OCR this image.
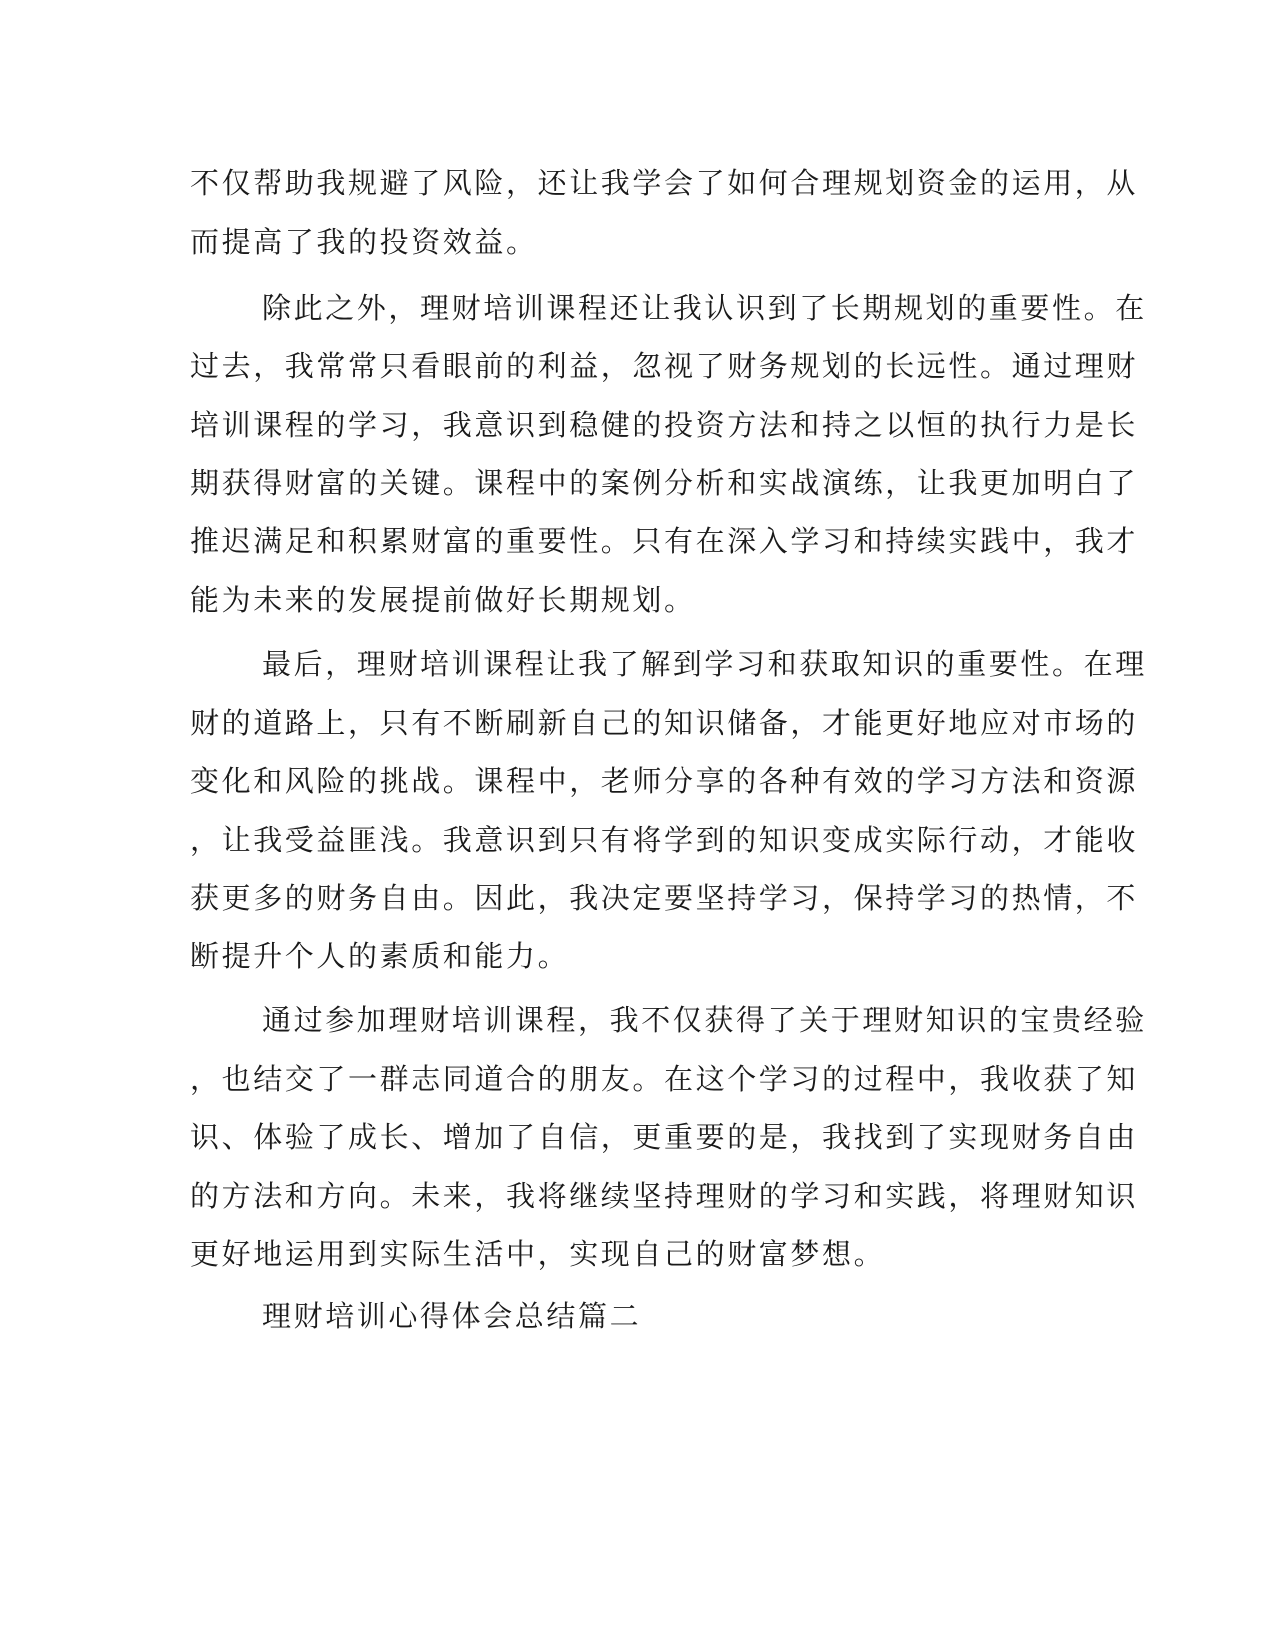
不仅帮助我规避了风险，还让我学会了如何合理规划资金的运用，从

而提高了我的投资效益。

除此之外，理财培训课程还让我认识到了长期规划的重要性。在

过去，我常常只看眼前的利益，忽视了财务规划的长远性。通过理财

培训课程的学习，我意识到稳健的投资方法和持之以恒的执行力是长

期获得财富的关键。课程中的案例分析和实战演练，让我更加明白了

推迟满足和积累财富的重要性。只有在深入学习和持续实践中，我才

能为未来的发展提前做好长期规划。

最后，理财培训课程让我了解到学习和获取知识的重要性。在理

财的道路上，只有不断刷新自己的知识储备，才能更好地应对市场的

变化和风险的挑战。课程中，老师分享的各种有效的学习方法和资源

，让我受益匪浅。我意识到只有将学到的知识变成实际行动，才能收

获更多的财务自由。因此，我决定要坚持学习，保持学习的热情，不

断提升个人的素质和能力。

通过参加理财培训课程，我不仅获得了关于理财知识的宝贵经验

，也结交了一群志同道合的朋友。在这个学习的过程中，我收获了知

识、体验了成长、增加了自信，更重要的是，我找到了实现财务自由

的方法和方向。未来，我将继续坚持理财的学习和实践，将理财知识

更好地运用到实际生活中，实现自己的财富梦想。

理财培训心得体会总结篇二
